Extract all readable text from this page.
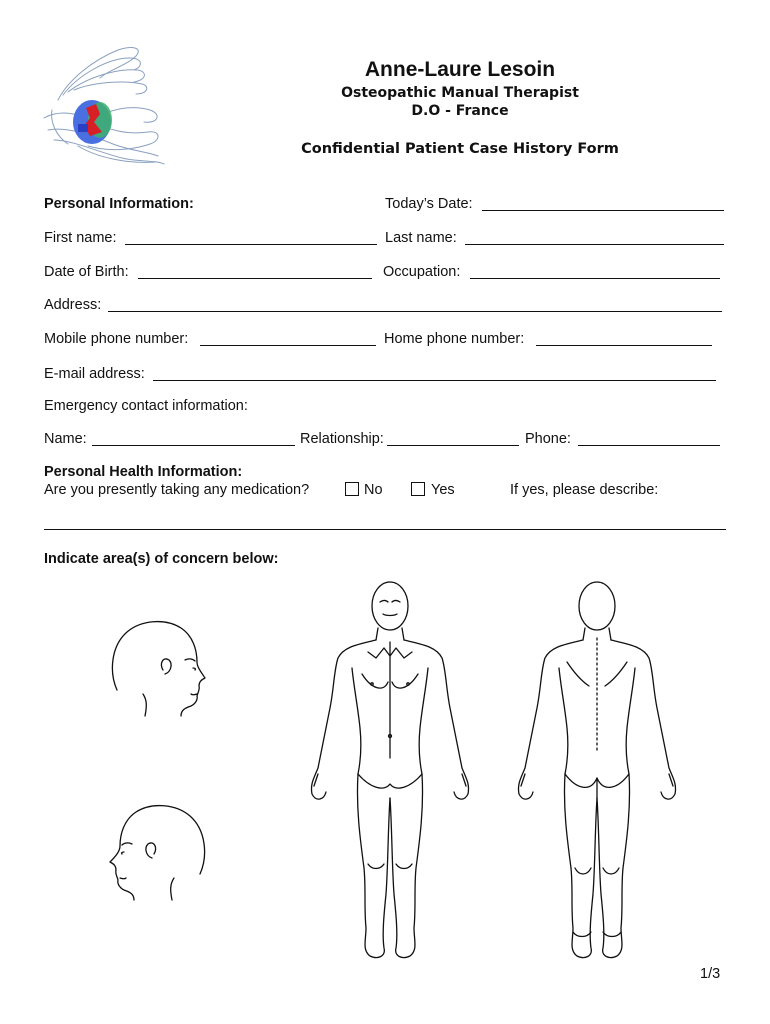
Anne-Laure Lesoin
Osteopathic Manual Therapist
D.O - France
Confidential Patient Case History Form
Personal Information:	Today’s Date:
First name:	Last name:
Date of Birth:	Occupation:
Address:
Mobile phone number:	Home phone number:
E-mail address:
Emergency contact information:
Name:	Relationship:	Phone:
Personal Health Information:
Are you presently taking any medication?	No	Yes	If yes, please describe:
Indicate area(s) of concern below:
1/3
